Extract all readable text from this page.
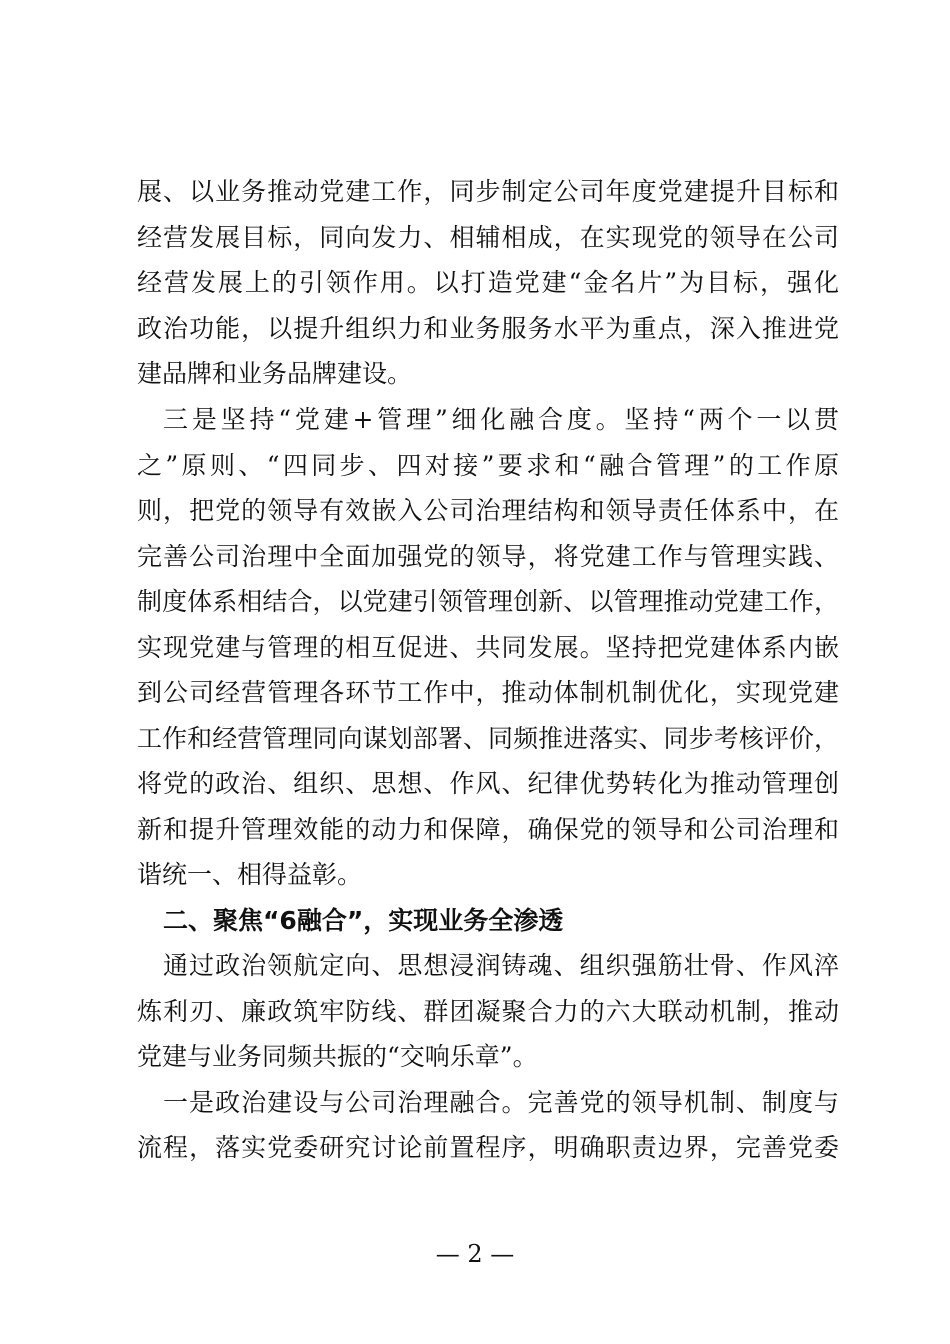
展、以业务推动党建工作，同步制定公司年度党建提升目标和
经营发展目标，同向发力、相辅相成，在实现党的领导在公司
经营发展上的引领作用。以打造党建“金名片”为目标，强化
政治功能，以提升组织力和业务服务水平为重点，深入推进党
建品牌和业务品牌建设。
三是坚持“党建+管理”细化融合度。坚持“两个一以贯
之”原则、“四同步、四对接”要求和“融合管理”的工作原
则，把党的领导有效嵌入公司治理结构和领导责任体系中，在
完善公司治理中全面加强党的领导，将党建工作与管理实践、
制度体系相结合，以党建引领管理创新、以管理推动党建工作，
实现党建与管理的相互促进、共同发展。坚持把党建体系内嵌
到公司经营管理各环节工作中，推动体制机制优化，实现党建
工作和经营管理同向谋划部署、同频推进落实、同步考核评价，
将党的政治、组织、思想、作风、纪律优势转化为推动管理创
新和提升管理效能的动力和保障，确保党的领导和公司治理和
谐统一、相得益彰。
二、聚焦“6融合”，实现业务全渗透
通过政治领航定向、思想浸润铸魂、组织强筋壮骨、作风淬
炼利刃、廉政筑牢防线、群团凝聚合力的六大联动机制，推动
党建与业务同频共振的“交响乐章”。
一是政治建设与公司治理融合。完善党的领导机制、制度与
流程，落实党委研究讨论前置程序，明确职责边界，完善党委
— 2 —
